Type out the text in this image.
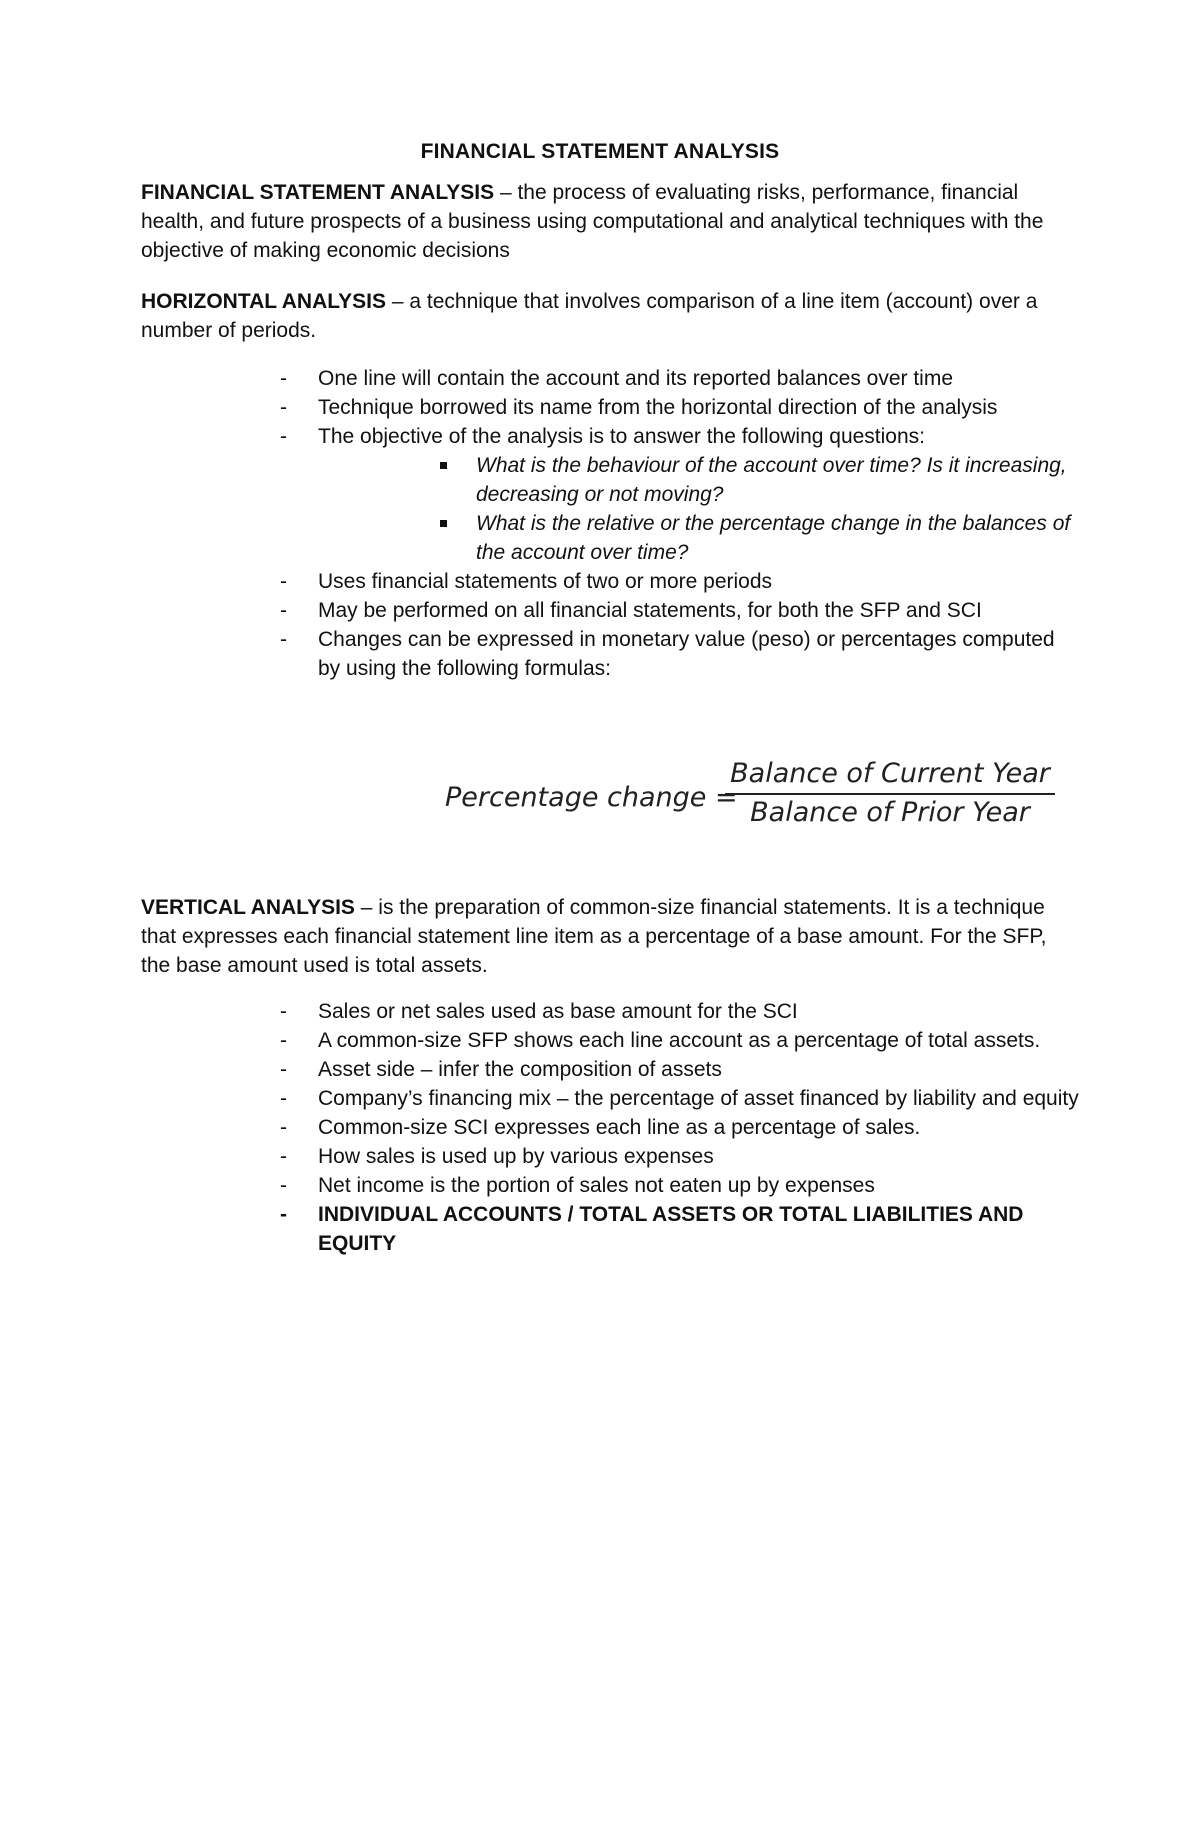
FINANCIAL STATEMENT ANALYSIS
FINANCIAL STATEMENT ANALYSIS – the process of evaluating risks, performance, financial health, and future prospects of a business using computational and analytical techniques with the objective of making economic decisions
HORIZONTAL ANALYSIS – a technique that involves comparison of a line item (account) over a number of periods.
- One line will contain the account and its reported balances over time
- Technique borrowed its name from the horizontal direction of the analysis
- The objective of the analysis is to answer the following questions:
What is the behaviour of the account over time? Is it increasing, decreasing or not moving?
What is the relative or the percentage change in the balances of the account over time?
- Uses financial statements of two or more periods
- May be performed on all financial statements, for both the SFP and SCI
- Changes can be expressed in monetary value (peso) or percentages computed by using the following formulas:
Percentage change =
Balance of Current Year
Balance of Prior Year
VERTICAL ANALYSIS – is the preparation of common-size financial statements. It is a technique that expresses each financial statement line item as a percentage of a base amount. For the SFP, the base amount used is total assets.
- Sales or net sales used as base amount for the SCI
- A common-size SFP shows each line account as a percentage of total assets.
- Asset side – infer the composition of assets
- Company’s financing mix – the percentage of asset financed by liability and equity
- Common-size SCI expresses each line as a percentage of sales.
- How sales is used up by various expenses
- Net income is the portion of sales not eaten up by expenses
- INDIVIDUAL ACCOUNTS / TOTAL ASSETS OR TOTAL LIABILITIES AND EQUITY
